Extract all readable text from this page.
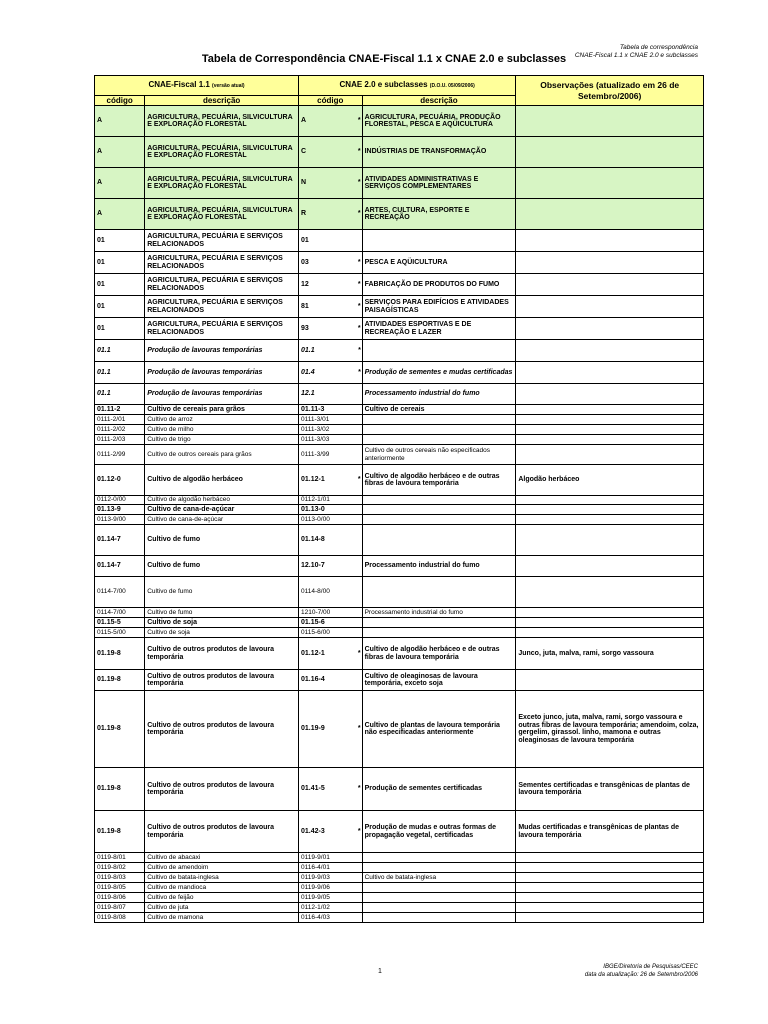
Tabela de correspondência
CNAE-Fiscal 1.1 x CNAE 2.0 e subclasses
Tabela de Correspondência CNAE-Fiscal 1.1 x CNAE 2.0 e subclasses
CNAE-Fiscal 1.1 (versão atual)		CNAE 2.0 e subclasses (D.O.U. 05/09/2006)			Observações (atualizado em 26 de Setembro/2006)
código	descrição	código		descrição	
A	AGRICULTURA, PECUÁRIA, SILVICULTURA E EXPLORAÇÃO FLORESTAL	A	*	AGRICULTURA, PECUÁRIA, PRODUÇÃO FLORESTAL, PESCA E AQÜICULTURA	
A	AGRICULTURA, PECUÁRIA, SILVICULTURA E EXPLORAÇÃO FLORESTAL	C	*	INDÚSTRIAS DE TRANSFORMAÇÃO	
A	AGRICULTURA, PECUÁRIA, SILVICULTURA E EXPLORAÇÃO FLORESTAL	N	*	ATIVIDADES ADMINISTRATIVAS E SERVIÇOS COMPLEMENTARES	
A	AGRICULTURA, PECUÁRIA, SILVICULTURA E EXPLORAÇÃO FLORESTAL	R	*	ARTES, CULTURA, ESPORTE E RECREAÇÃO	
01	AGRICULTURA, PECUÁRIA E SERVIÇOS RELACIONADOS	01			
01	AGRICULTURA, PECUÁRIA E SERVIÇOS RELACIONADOS	03	*	PESCA E AQÜICULTURA	
01	AGRICULTURA, PECUÁRIA E SERVIÇOS RELACIONADOS	12	*	FABRICAÇÃO DE PRODUTOS DO FUMO	
01	AGRICULTURA, PECUÁRIA E SERVIÇOS RELACIONADOS	81	*	SERVIÇOS PARA EDIFÍCIOS E ATIVIDADES PAISAGÍSTICAS	
01	AGRICULTURA, PECUÁRIA E SERVIÇOS RELACIONADOS	93	*	ATIVIDADES ESPORTIVAS E DE RECREAÇÃO E LAZER	
01.1	Produção de lavouras temporárias	01.1	*		
01.1	Produção de lavouras temporárias	01.4	*	Produção de sementes e mudas certificadas	
01.1	Produção de lavouras temporárias	12.1		Processamento industrial do fumo	
01.11-2	Cultivo de cereais para grãos	01.11-3		Cultivo de cereais	
0111-2/01	Cultivo de arroz	0111-3/01			
0111-2/02	Cultivo de milho	0111-3/02			
0111-2/03	Cultivo de trigo	0111-3/03			
0111-2/99	Cultivo de outros cereais para grãos	0111-3/99		Cultivo de outros cereais não especificados anteriormente	
01.12-0	Cultivo de algodão herbáceo	01.12-1	*	Cultivo de algodão herbáceo e de outras fibras de lavoura temporária	Algodão herbáceo
0112-0/00	Cultivo de algodão herbáceo	0112-1/01			
01.13-9	Cultivo de cana-de-açúcar	01.13-0			
0113-9/00	Cultivo de cana-de-açúcar	0113-0/00			
01.14-7	Cultivo de fumo	01.14-8			
01.14-7	Cultivo de fumo	12.10-7		Processamento industrial do fumo	
0114-7/00	Cultivo de fumo	0114-8/00			
0114-7/00	Cultivo de fumo	1210-7/00		Processamento industrial do fumo	
01.15-5	Cultivo de soja	01.15-6			
0115-5/00	Cultivo de soja	0115-6/00			
01.19-8	Cultivo de outros produtos de lavoura temporária	01.12-1	*	Cultivo de algodão herbáceo e de outras fibras de lavoura temporária	Junco, juta, malva, rami, sorgo vassoura
01.19-8	Cultivo de outros produtos de lavoura temporária	01.16-4		Cultivo de oleaginosas de lavoura temporária, exceto soja	
01.19-8	Cultivo de outros produtos de lavoura temporária	01.19-9	*	Cultivo de plantas de lavoura temporária não especificadas anteriormente	Exceto junco, juta, malva, rami, sorgo vassoura e outras fibras de lavoura temporária; amendoim, colza, gergelim, girassol. linho, mamona e outras oleaginosas de lavoura temporária
01.19-8	Cultivo de outros produtos de lavoura temporária	01.41-5	*	Produção de sementes certificadas	Sementes certificadas e transgênicas de plantas de lavoura temporária
01.19-8	Cultivo de outros produtos de lavoura temporária	01.42-3	*	Produção de mudas e outras formas de propagação vegetal, certificadas	Mudas certificadas e transgênicas de plantas de lavoura temporária
0119-8/01	Cultivo de abacaxi	0119-9/01			
0119-8/02	Cultivo de amendoim	0116-4/01			
0119-8/03	Cultivo de batata-inglesa	0119-9/03		Cultivo de batata-inglesa	
0119-8/05	Cultivo de mandioca	0119-9/06			
0119-8/06	Cultivo de feijão	0119-9/05			
0119-8/07	Cultivo de juta	0112-1/02			
0119-8/08	Cultivo de mamona	0116-4/03			
1
IBGE/Diretoria de Pesquisas/CEEC
data da atualização: 26 de Setembro/2006
